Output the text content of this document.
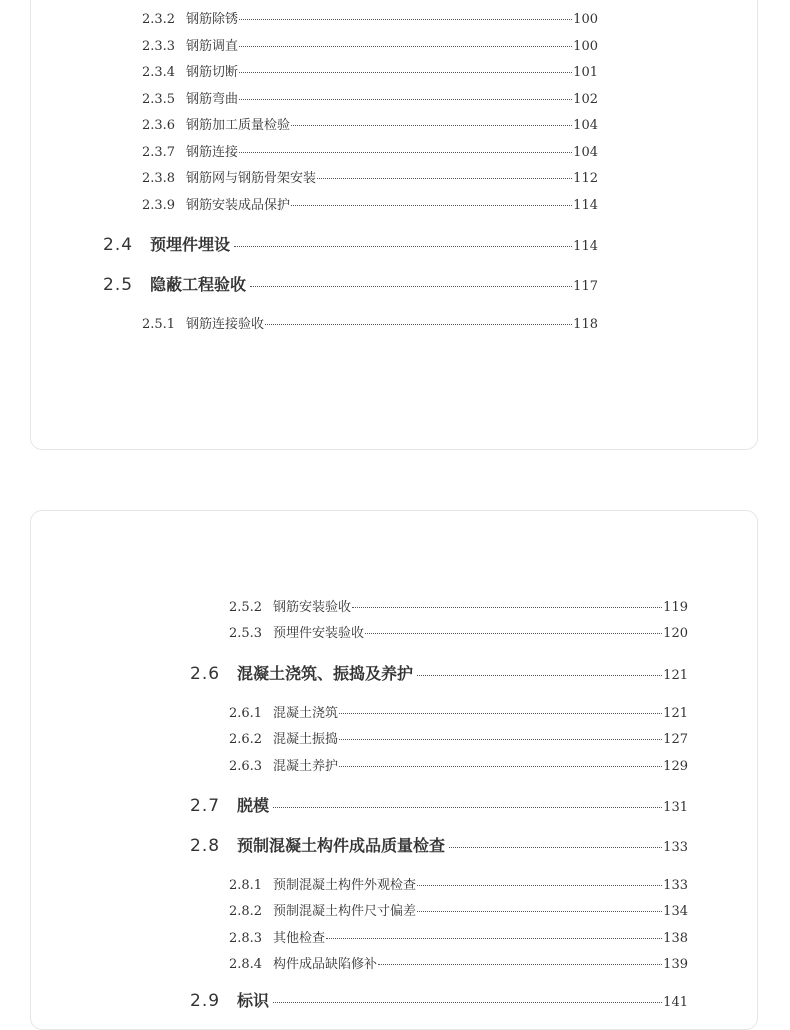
2.3.2 钢筋除锈	100
2.3.3 钢筋调直	100
2.3.4 钢筋切断	101
2.3.5 钢筋弯曲	102
2.3.6 钢筋加工质量检验	104
2.3.7 钢筋连接	104
2.3.8 钢筋网与钢筋骨架安装	112
2.3.9 钢筋安装成品保护	114
2.4	预埋件埋设	114
2.5	隐蔽工程验收	117
2.5.1 钢筋连接验收	118
2.5.2 钢筋安装验收	119
2.5.3 预埋件安装验收	120
2.6	混凝土浇筑、振捣及养护	121
2.6.1 混凝土浇筑	121
2.6.2 混凝土振捣	127
2.6.3 混凝土养护	129
2.7	脱模	131
2.8	预制混凝土构件成品质量检查	133
2.8.1 预制混凝土构件外观检查	133
2.8.2 预制混凝土构件尺寸偏差	134
2.8.3 其他检查	138
2.8.4 构件成品缺陷修补	139
2.9	标识	141
